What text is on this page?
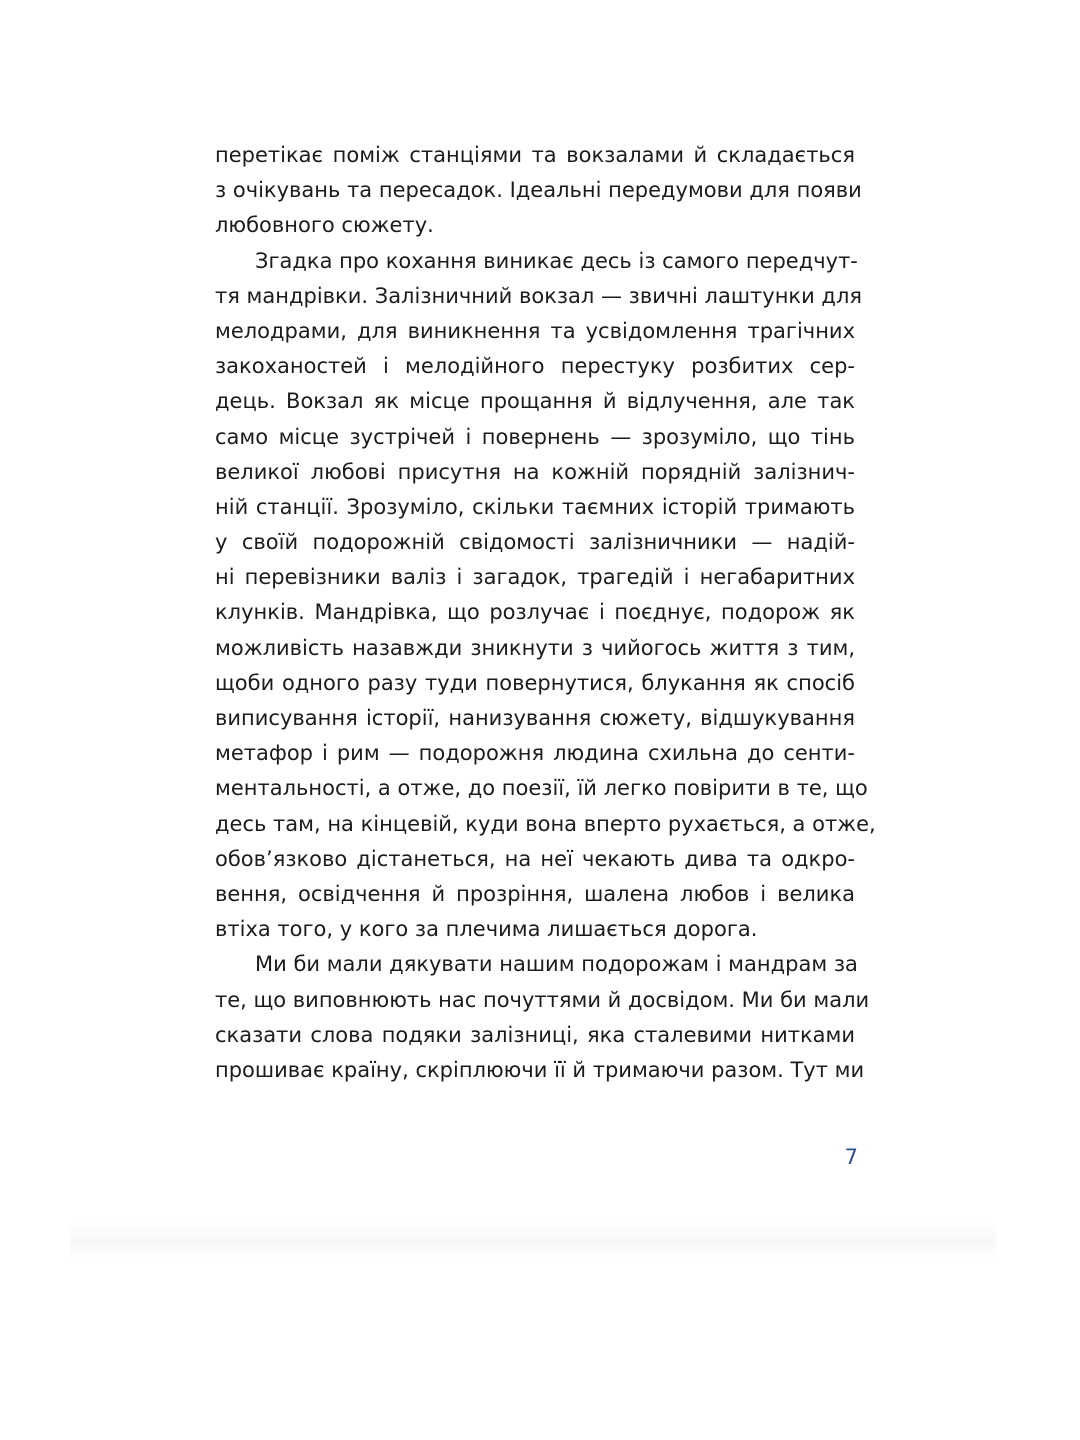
перетікає поміж станціями та вокзалами й складається
з очікувань та пересадок. Ідеальні передумови для появи
любовного сюжету.
Згадка про кохання виникає десь із самого передчут-
тя мандрівки. Залізничний вокзал — звичні лаштунки для
мелодрами, для виникнення та усвідомлення трагічних
закоханостей і мелодійного перестуку розбитих сер-
дець. Вокзал як місце прощання й відлучення, але так
само місце зустрічей і повернень — зрозуміло, що тінь
великої любові присутня на кожній порядній залізнич-
ній станції. Зрозуміло, скільки таємних історій тримають
у своїй подорожній свідомості залізничники — надій-
ні перевізники валіз і загадок, трагедій і негабаритних
клунків. Мандрівка, що розлучає і поєднує, подорож як
можливість назавжди зникнути з чийогось життя з тим,
щоби одного разу туди повернутися, блукання як спосіб
виписування історії, нанизування сюжету, відшукування
метафор і рим — подорожня людина схильна до сенти-
ментальності, а отже, до поезії, їй легко повірити в те, що
десь там, на кінцевій, куди вона вперто рухається, а отже,
обов’язково дістанеться, на неї чекають дива та одкро-
вення, освідчення й прозріння, шалена любов і велика
втіха того, у кого за плечима лишається дорога.
Ми би мали дякувати нашим подорожам і мандрам за
те, що виповнюють нас почуттями й досвідом. Ми би мали
сказати слова подяки залізниці, яка сталевими нитками
прошиває країну, скріплюючи її й тримаючи разом. Тут ми
7
